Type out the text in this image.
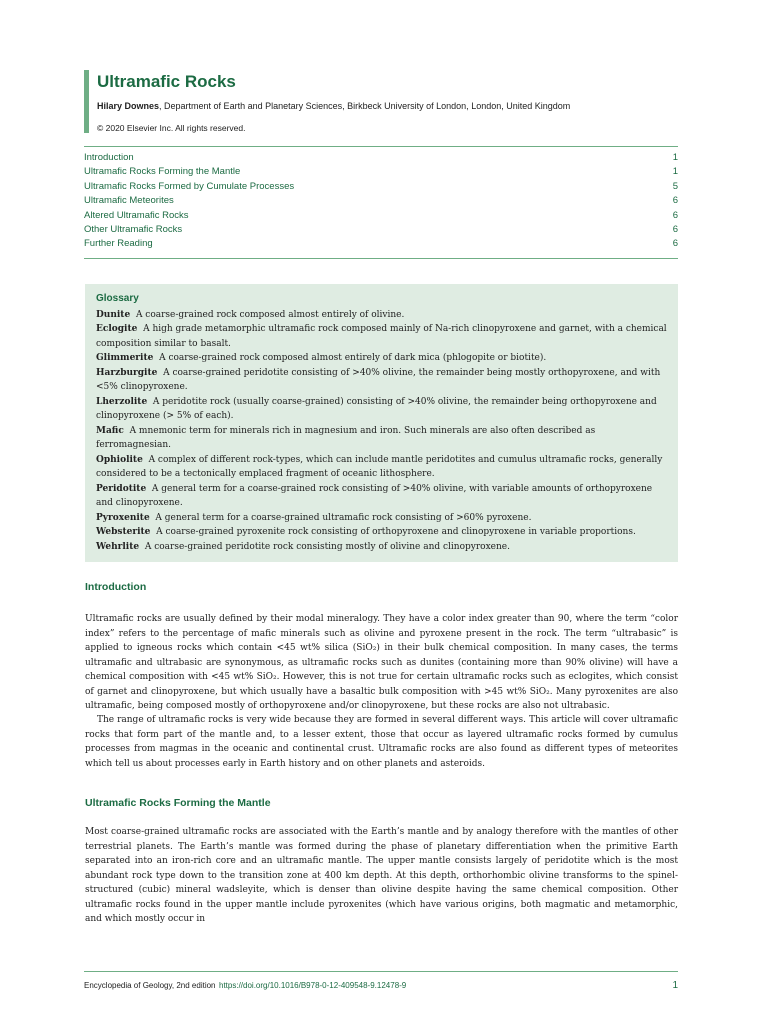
Ultramafic Rocks
Hilary Downes, Department of Earth and Planetary Sciences, Birkbeck University of London, London, United Kingdom
© 2020 Elsevier Inc. All rights reserved.
Introduction	1
Ultramafic Rocks Forming the Mantle	1
Ultramafic Rocks Formed by Cumulate Processes	5
Ultramafic Meteorites	6
Altered Ultramafic Rocks	6
Other Ultramafic Rocks	6
Further Reading	6
Glossary

Dunite A coarse-grained rock composed almost entirely of olivine.

Eclogite A high grade metamorphic ultramafic rock composed mainly of Na-rich clinopyroxene and garnet, with a chemical composition similar to basalt.

Glimmerite A coarse-grained rock composed almost entirely of dark mica (phlogopite or biotite).

Harzburgite A coarse-grained peridotite consisting of >40% olivine, the remainder being mostly orthopyroxene, and with <5% clinopyroxene.

Lherzolite A peridotite rock (usually coarse-grained) consisting of >40% olivine, the remainder being orthopyroxene and clinopyroxene (> 5% of each).

Mafic A mnemonic term for minerals rich in magnesium and iron. Such minerals are also often described as ferromagnesian.

Ophiolite A complex of different rock-types, which can include mantle peridotites and cumulus ultramafic rocks, generally considered to be a tectonically emplaced fragment of oceanic lithosphere.

Peridotite A general term for a coarse-grained rock consisting of >40% olivine, with variable amounts of orthopyroxene and clinopyroxene.

Pyroxenite A general term for a coarse-grained ultramafic rock consisting of >60% pyroxene.

Websterite A coarse-grained pyroxenite rock consisting of orthopyroxene and clinopyroxene in variable proportions.

Wehrlite A coarse-grained peridotite rock consisting mostly of olivine and clinopyroxene.

Introduction

Ultramafic rocks are usually defined by their modal mineralogy. They have a color index greater than 90, where the term “color index” refers to the percentage of mafic minerals such as olivine and pyroxene present in the rock. The term “ultrabasic” is applied to igneous rocks which contain <45 wt% silica (SiO₂) in their bulk chemical composition. In many cases, the terms ultramafic and ultrabasic are synonymous, as ultramafic rocks such as dunites (containing more than 90% olivine) will have a chemical composition with <45 wt% SiO₂. However, this is not true for certain ultramafic rocks such as eclogites, which consist of garnet and clinopyroxene, but which usually have a basaltic bulk composition with >45 wt% SiO₂. Many pyroxenites are also ultramafic, being composed mostly of orthopyroxene and/or clinopyroxene, but these rocks are also not ultrabasic.

The range of ultramafic rocks is very wide because they are formed in several different ways. This article will cover ultramafic rocks that form part of the mantle and, to a lesser extent, those that occur as layered ultramafic rocks formed by cumulus processes from magmas in the oceanic and continental crust. Ultramafic rocks are also found as different types of meteorites which tell us about processes early in Earth history and on other planets and asteroids.

Ultramafic Rocks Forming the Mantle

Most coarse-grained ultramafic rocks are associated with the Earth’s mantle and by analogy therefore with the mantles of other terrestrial planets. The Earth’s mantle was formed during the phase of planetary differentiation when the primitive Earth separated into an iron-rich core and an ultramafic mantle. The upper mantle consists largely of peridotite which is the most abundant rock type down to the transition zone at 400 km depth. At this depth, orthorhombic olivine transforms to the spinel-structured (cubic) mineral wadsleyite, which is denser than olivine despite having the same chemical composition. Other ultramafic rocks found in the upper mantle include pyroxenites (which have various origins, both magmatic and metamorphic, and which mostly occur in

Encyclopedia of Geology, 2nd edition https://doi.org/10.1016/B978-0-12-409548-9.12478-9	1
